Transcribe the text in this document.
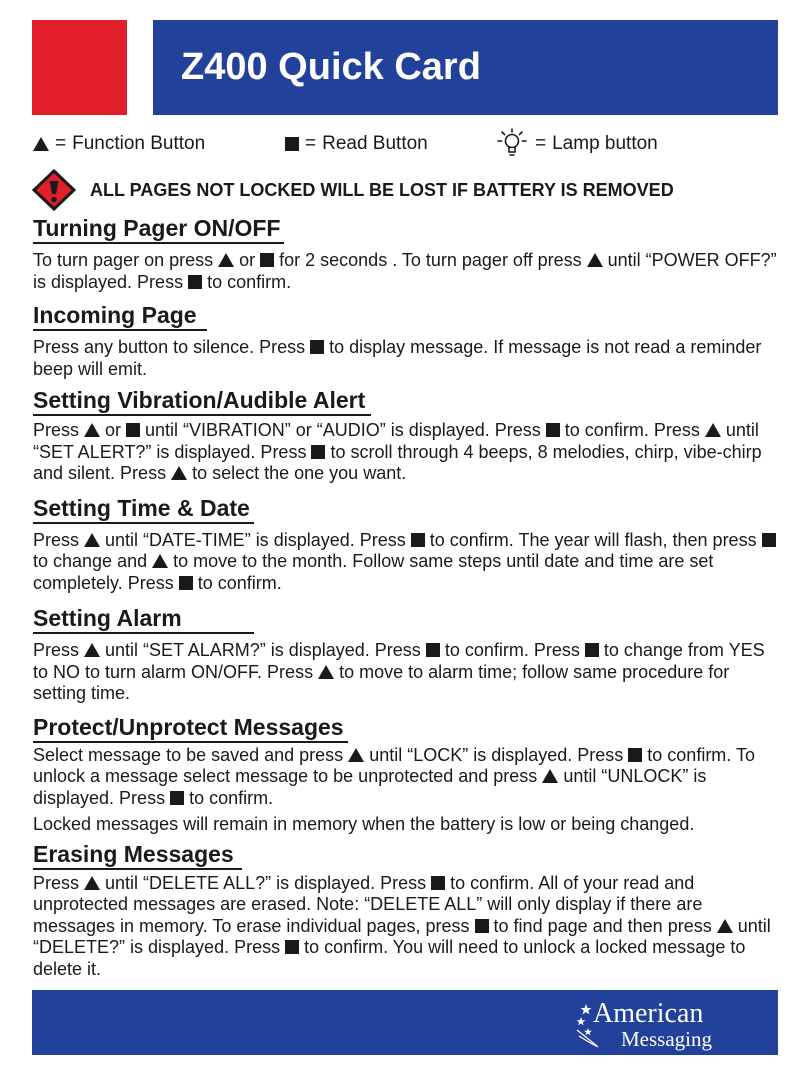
Z400 Quick Card
= Function Button	= Read Button	= Lamp button
ALL PAGES NOT LOCKED WILL BE LOST IF BATTERY IS REMOVED
Turning Pager ON/OFF

To turn pager on press  or  for 2 seconds . To turn pager off press  until “POWER OFF?” is displayed. Press  to confirm.

Incoming Page

Press any button to silence. Press  to display message. If message is not read a reminder beep will emit.

Setting Vibration/Audible Alert

Press  or  until “VIBRATION” or “AUDIO” is displayed. Press  to confirm. Press  until “SET ALERT?” is displayed. Press  to scroll through 4 beeps, 8 melodies, chirp, vibe-chirp and silent. Press  to select the one you want.

Setting Time & Date

Press  until “DATE-TIME” is displayed. Press  to confirm. The year will flash, then press  to change and  to move to the month. Follow same steps until date and time are set completely. Press  to confirm.

Setting Alarm

Press  until “SET ALARM?” is displayed. Press  to confirm. Press  to change from YES to NO to turn alarm ON/OFF. Press  to move to alarm time; follow same procedure for setting time.

Protect/Unprotect Messages

Select message to be saved and press  until “LOCK” is displayed. Press  to confirm. To unlock a message select message to be unprotected and press  until “UNLOCK” is displayed. Press  to confirm.

Locked messages will remain in memory when the battery is low or being changed.

Erasing Messages

Press  until “DELETE ALL?” is displayed. Press  to confirm. All of your read and unprotected messages are erased. Note: “DELETE ALL” will only display if there are messages in memory. To erase individual pages, press  to find page and then press  until “DELETE?” is displayed. Press  to confirm. You will need to unlock a locked message to delete it.

American
Messaging
